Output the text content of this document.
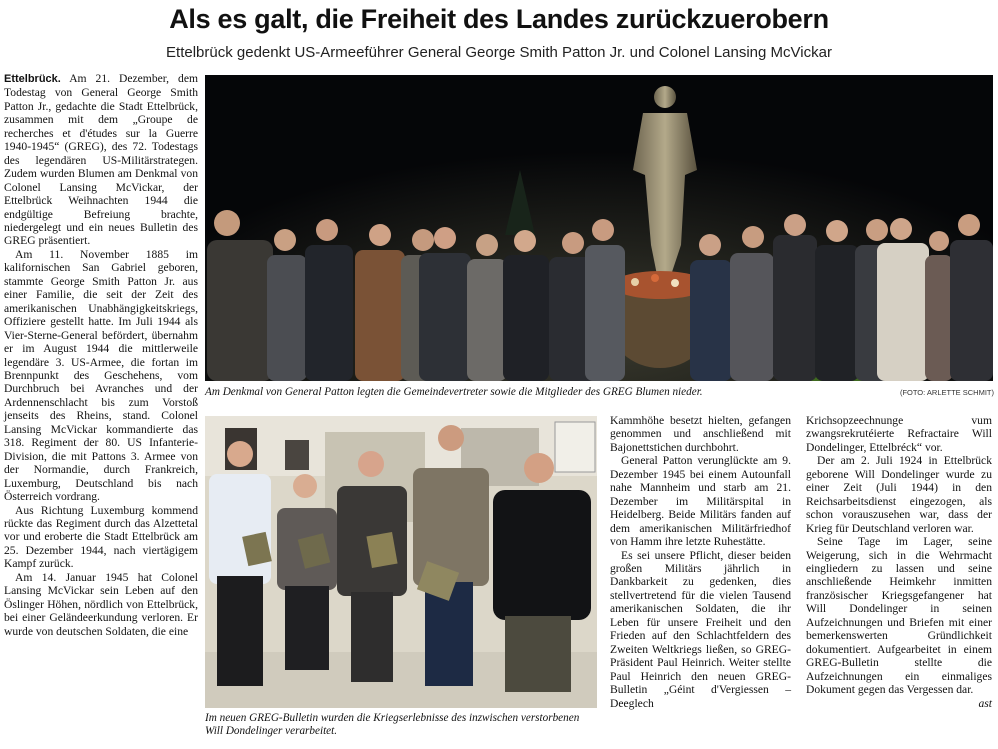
Als es galt, die Freiheit des Landes zurückzuerobern
Ettelbrück gedenkt US-Armeeführer General George Smith Patton Jr. und Colonel Lansing McVickar

Ettelbrück. Am 21. Dezember, dem Todestag von General George Smith Patton Jr., gedachte die Stadt Ettelbrück, zusammen mit dem „Groupe de recherches et d'études sur la Guerre 1940-1945“ (GREG), des 72. Todestags des legendären US-Militärstrategen. Zudem wurden Blumen am Denkmal von Colonel Lansing McVickar, der Ettelbrück Weihnachten 1944 die endgültige Befreiung brachte, niedergelegt und ein neues Bulletin des GREG präsentiert.

Am 11. November 1885 im kalifornischen San Gabriel geboren, stammte George Smith Patton Jr. aus einer Familie, die seit der Zeit des amerikanischen Unabhängigkeitskriegs, Offiziere gestellt hatte. Im Juli 1944 als Vier-Sterne-General befördert, übernahm er im August 1944 die mittlerweile legendäre 3. US-Armee, die fortan im Brennpunkt des Geschehens, vom Durchbruch bei Avranches und der Ardennenschlacht bis zum Vorstoß jenseits des Rheins, stand. Colonel Lansing McVickar kommandierte das 318. Regiment der 80. US Infanterie-Division, die mit Pattons 3. Armee von der Normandie, durch Frankreich, Luxemburg, Deutschland bis nach Österreich vordrang.

Aus Richtung Luxemburg kommend rückte das Regiment durch das Alzettetal vor und eroberte die Stadt Ettelbrück am 25. Dezember 1944, nach viertägigem Kampf zurück.

Am 14. Januar 1945 hat Colonel Lansing McVickar sein Leben auf den Öslinger Höhen, nördlich von Ettelbrück, bei einer Geländeerkundung verloren. Er wurde von deutschen Soldaten, die eine

Am Denkmal von General Patton legten die Gemeindevertreter sowie die Mitglieder des GREG Blumen nieder.	(FOTO: ARLETTE SCHMIT)
Im neuen GREG-Bulletin wurden die Kriegserlebnisse des inzwischen verstorbenen Will Dondelinger verarbeitet.

Kammhöhe besetzt hielten, gefangen genommen und anschließend mit Bajonettstichen durchbohrt.

General Patton verunglückte am 9. Dezember 1945 bei einem Autounfall nahe Mannheim und starb am 21. Dezember im Militärspital in Heidelberg. Beide Militärs fanden auf dem amerikanischen Militärfriedhof von Hamm ihre letzte Ruhestätte.

Es sei unsere Pflicht, dieser beiden großen Militärs jährlich in Dankbarkeit zu gedenken, dies stellvertretend für die vielen Tausend amerikanischen Soldaten, die ihr Leben für unsere Freiheit und den Frieden auf den Schlachtfeldern des Zweiten Weltkriegs ließen, so GREG-Präsident Paul Heinrich. Weiter stellte Paul Heinrich den neuen GREG-Bulletin „Géint d'Vergiessen – Deeglech

Krichsopzeechnunge vum zwangsrekrutéierte Refractaire Will Dondelinger, Ettelbréck“ vor.

Der am 2. Juli 1924 in Ettelbrück geborene Will Dondelinger wurde zu einer Zeit (Juli 1944) in den Reichsarbeitsdienst eingezogen, als schon vorauszusehen war, dass der Krieg für Deutschland verloren war.

Seine Tage im Lager, seine Weigerung, sich in die Wehrmacht eingliedern zu lassen und seine anschließende Heimkehr inmitten französischer Kriegsgefangener hat Will Dondelinger in seinen Aufzeichnungen und Briefen mit einer bemerkenswerten Gründlichkeit dokumentiert. Aufgearbeitet in einem GREG-Bulletin stellte die Aufzeichnungen ein einmaliges Dokument gegen das Vergessen dar.
ast
